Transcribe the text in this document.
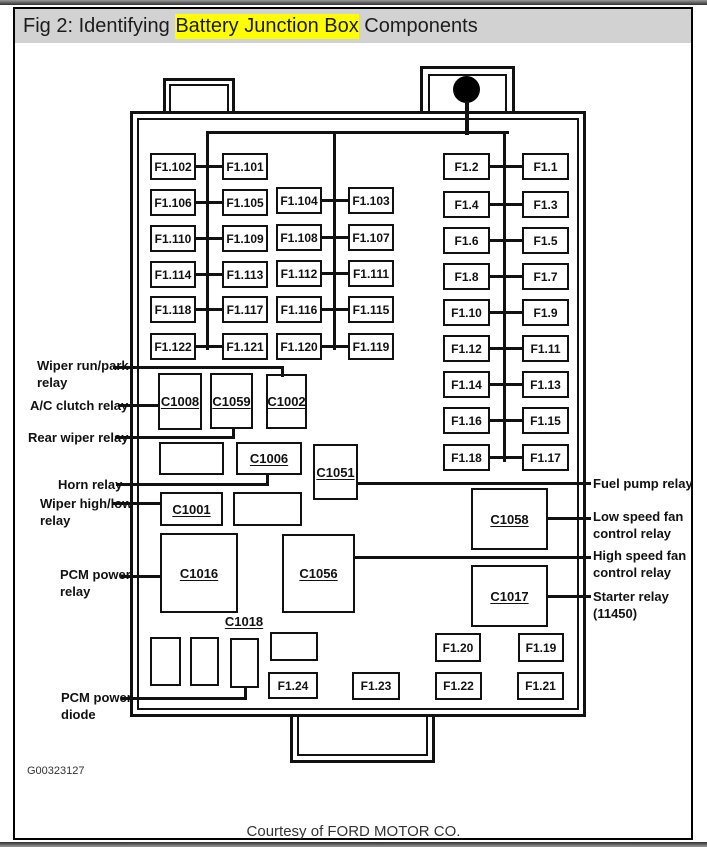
Fig 2: Identifying Battery Junction Box Components
F1.102	F1.101
F1.106	F1.105
F1.110	F1.109
F1.114	F1.113
F1.118	F1.117
F1.122	F1.121
F1.104	F1.103
F1.108	F1.107
F1.112	F1.111
F1.116	F1.115
F1.120	F1.119
F1.2	F1.1
F1.4	F1.3
F1.6	F1.5
F1.8	F1.7
F1.10	F1.9
F1.12	F1.11
F1.14	F1.13
F1.16	F1.15
F1.18	F1.17
C1008 C1059 C1002
C1006
C1051
C1001
C1016	C1056
C1058
C1017
F1.24	F1.23
F1.20	F1.19
F1.22	F1.21
C1018
Wiper run/park
relay
A/C clutch relay
Rear wiper relay
Horn relay
Wiper high/low
relay
PCM power
relay
PCM power
diode
Fuel pump relay
Low speed fan
control relay
High speed fan
control relay
Starter relay
(11450)
G00323127
Courtesy of FORD MOTOR CO.
